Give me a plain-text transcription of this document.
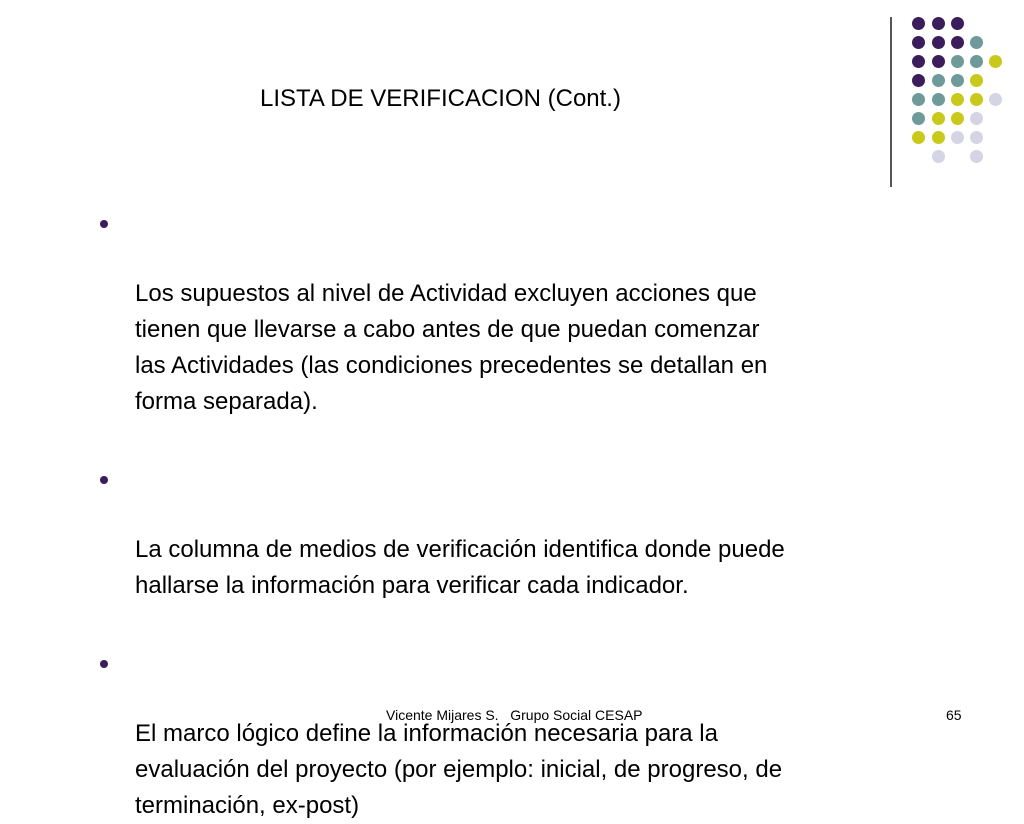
LISTA DE VERIFICACION (Cont.)

Los supuestos al nivel de Actividad excluyen acciones que
tienen que llevarse a cabo antes de que puedan comenzar
las Actividades (las condiciones precedentes se detallan en
forma separada).

La columna de medios de verificación identifica donde puede
hallarse la información para verificar cada indicador.

El marco lógico define la información necesaria para la
evaluación del proyecto (por ejemplo: inicial, de progreso, de
terminación, ex-post)

Vicente Mijares S.   Grupo Social CESAP	65
